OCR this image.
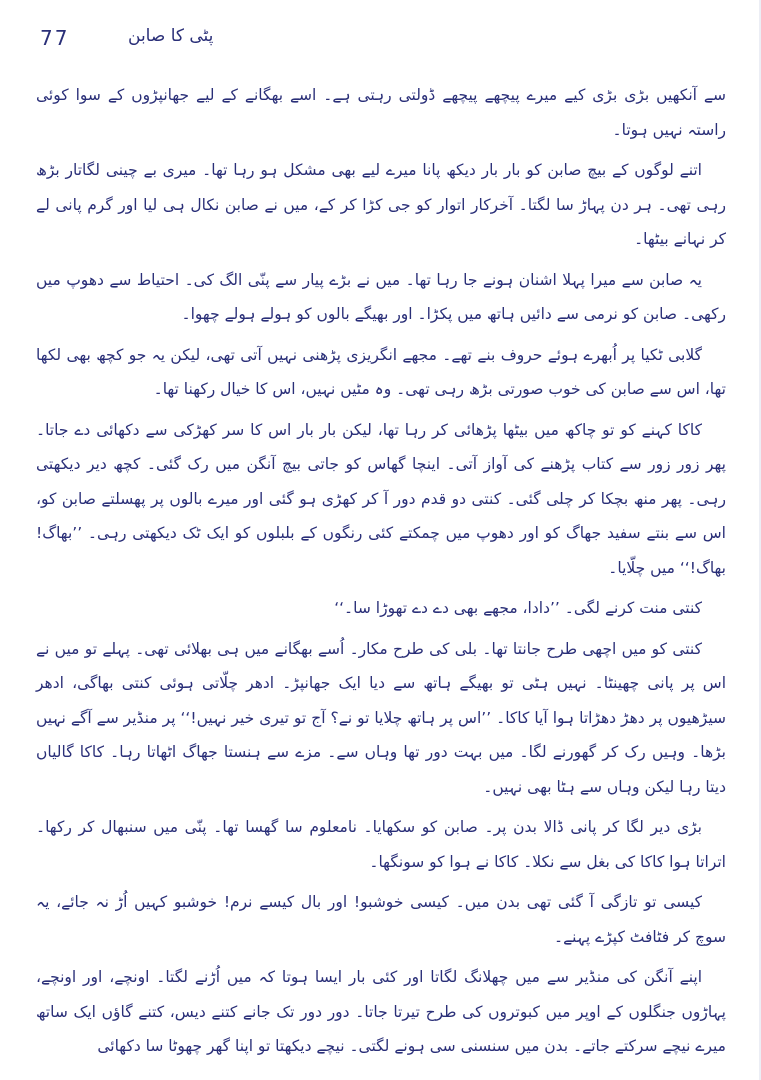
77	پٹی کا صابن

سے آنکھیں بڑی بڑی کیے میرے پیچھے پیچھے ڈولتی رہتی ہے۔ اسے بھگانے کے لیے جھانپڑوں کے سوا کوئی راستہ نہیں ہوتا۔

اتنے لوگوں کے بیچ صابن کو بار بار دیکھ پانا میرے لیے بھی مشکل ہو رہا تھا۔ میری بے چینی لگاتار بڑھ رہی تھی۔ ہر دن پہاڑ سا لگتا۔ آخرکار اتوار کو جی کڑا کر کے، میں نے صابن نکال ہی لیا اور گرم پانی لے کر نہانے بیٹھا۔

یہ صابن سے میرا پہلا اشنان ہونے جا رہا تھا۔ میں نے بڑے پیار سے پنّی الگ کی۔ احتیاط سے دھوپ میں رکھی۔ صابن کو نرمی سے دائیں ہاتھ میں پکڑا۔ اور بھیگے بالوں کو ہولے ہولے چھوا۔

گلابی ٹکیا پر اُبھرے ہوئے حروف بنے تھے۔ مجھے انگریزی پڑھنی نہیں آتی تھی، لیکن یہ جو کچھ بھی لکھا تھا، اس سے صابن کی خوب صورتی بڑھ رہی تھی۔ وہ مٹیں نہیں، اس کا خیال رکھنا تھا۔

کاکا کہنے کو تو چاکھ میں بیٹھا پڑھائی کر رہا تھا، لیکن بار بار اس کا سر کھڑکی سے دکھائی دے جاتا۔ پھر زور زور سے کتاب پڑھنے کی آواز آتی۔ اینچا گھاس کو جاتی بیچ آنگن میں رک گئی۔ کچھ دیر دیکھتی رہی۔ پھر منھ بچکا کر چلی گئی۔ کنتی دو قدم دور آ کر کھڑی ہو گئی اور میرے بالوں پر پھسلتے صابن کو، اس سے بنتے سفید جھاگ کو اور دھوپ میں چمکتے کئی رنگوں کے بلبلوں کو ایک ٹک دیکھتی رہی۔ ’’بھاگ! بھاگ!‘‘ میں چلّایا۔

کنتی منت کرنے لگی۔ ’’دادا، مجھے بھی دے دے تھوڑا سا۔‘‘

کنتی کو میں اچھی طرح جانتا تھا۔ بلی کی طرح مکار۔ اُسے بھگانے میں ہی بھلائی تھی۔ پہلے تو میں نے اس پر پانی چھینٹا۔ نہیں ہٹی تو بھیگے ہاتھ سے دیا ایک جھانپڑ۔ ادھر چلّاتی ہوئی کنتی بھاگی، ادھر سیڑھیوں پر دھڑ دھڑاتا ہوا آیا کاکا۔ ’’اس پر ہاتھ چلایا تو نے؟ آج تو تیری خیر نہیں!‘‘ پر منڈیر سے آگے نہیں بڑھا۔ وہیں رک کر گھورنے لگا۔ میں بہت دور تھا وہاں سے۔ مزے سے ہنستا جھاگ اٹھاتا رہا۔ کاکا گالیاں دیتا رہا لیکن وہاں سے ہٹا بھی نہیں۔

بڑی دیر لگا کر پانی ڈالا بدن پر۔ صابن کو سکھایا۔ نامعلوم سا گھسا تھا۔ پنّی میں سنبھال کر رکھا۔ اتراتا ہوا کاکا کی بغل سے نکلا۔ کاکا نے ہوا کو سونگھا۔

کیسی تو تازگی آ گئی تھی بدن میں۔ کیسی خوشبو! اور بال کیسے نرم! خوشبو کہیں اُڑ نہ جائے، یہ سوچ کر فٹافٹ کپڑے پہنے۔

اپنے آنگن کی منڈیر سے میں چھلانگ لگاتا اور کئی بار ایسا ہوتا کہ میں اُڑنے لگتا۔ اونچے، اور اونچے، پہاڑوں جنگلوں کے اوپر میں کبوتروں کی طرح تیرتا جاتا۔ دور دور تک جانے کتنے دیس، کتنے گاؤں ایک ساتھ میرے نیچے سرکتے جاتے۔ بدن میں سنسنی سی ہونے لگتی۔ نیچے دیکھتا تو اپنا گھر چھوٹا سا دکھائی
